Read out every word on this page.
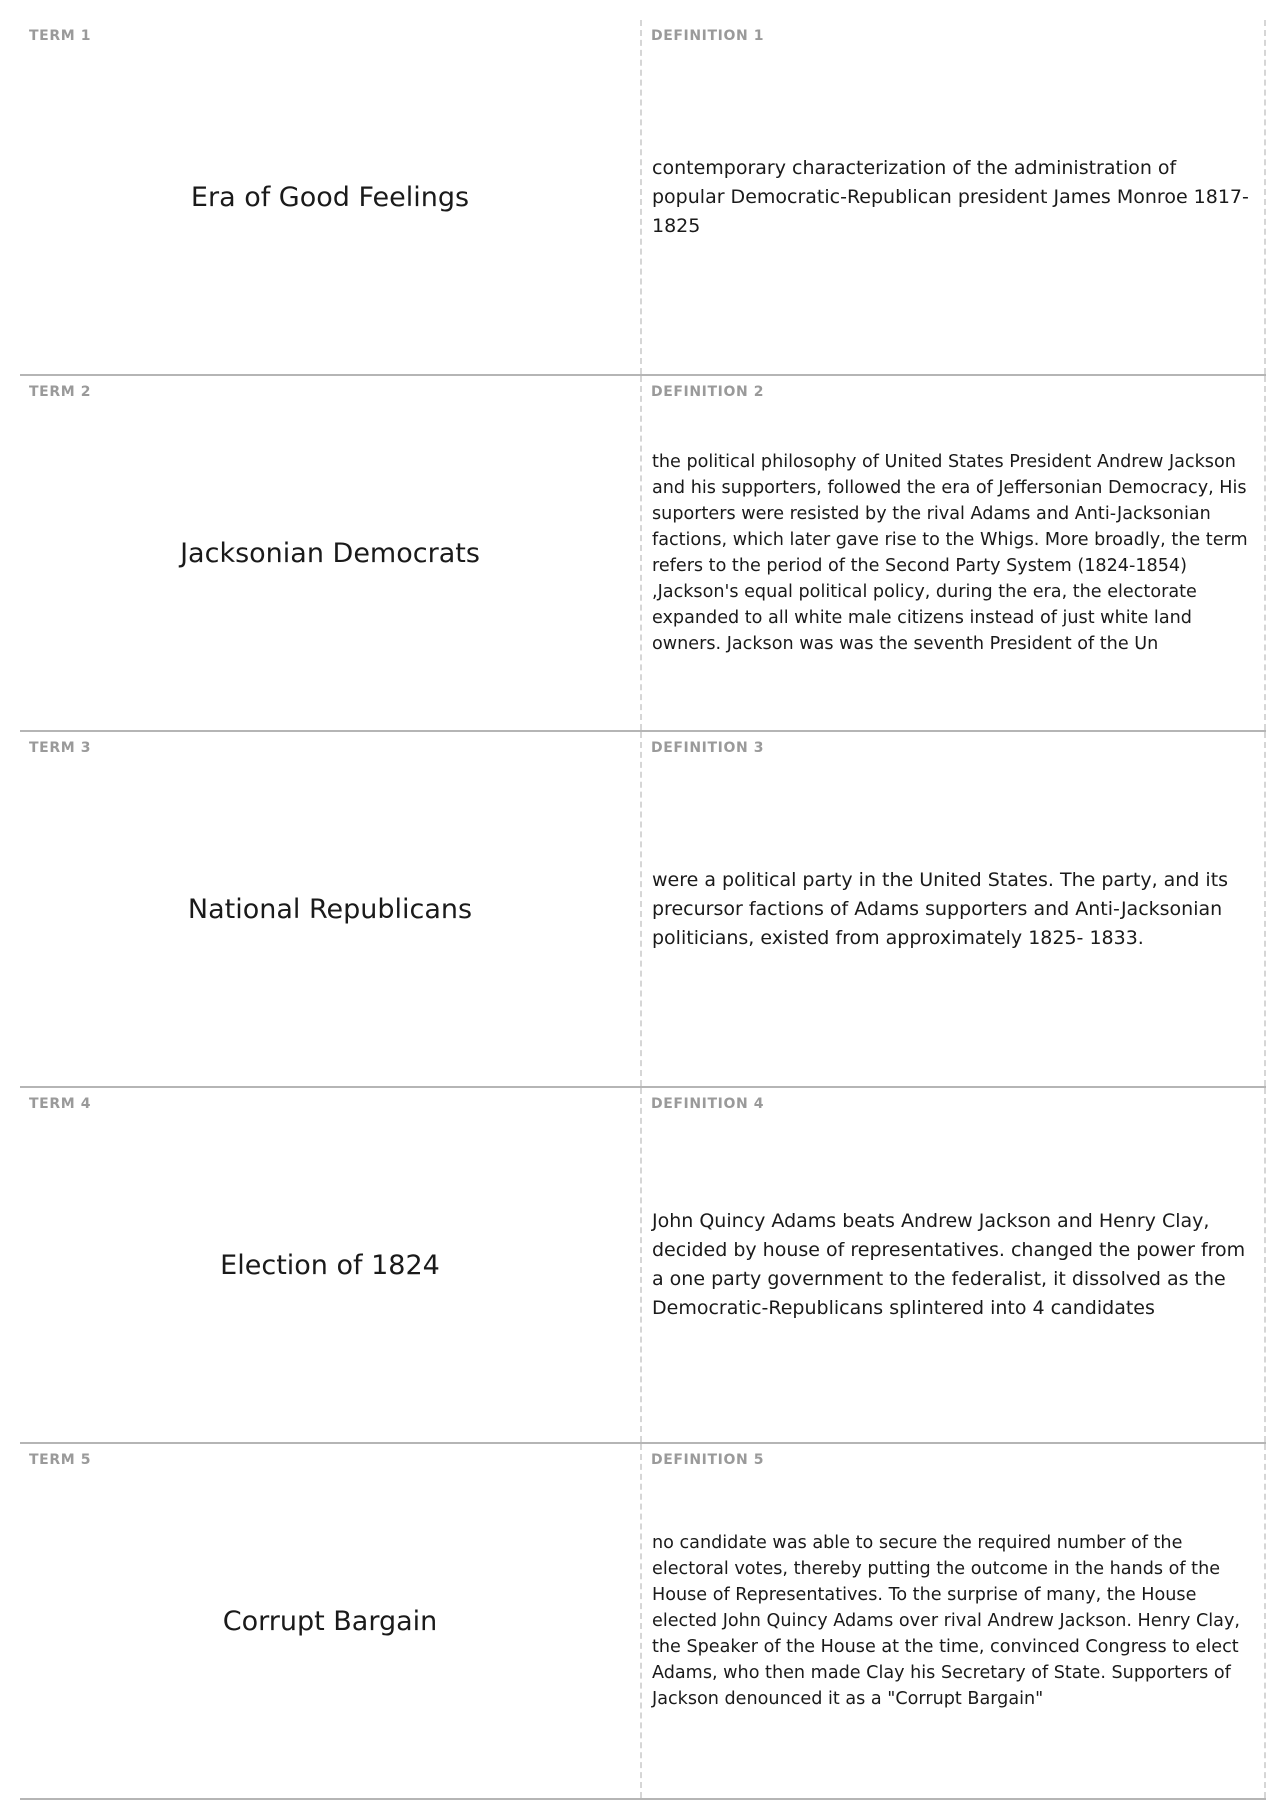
TERM 1
Era of Good Feelings
DEFINITION 1
contemporary characterization of the administration of popular Democratic-Republican president James Monroe 1817-1825
TERM 2
Jacksonian Democrats
DEFINITION 2
the political philosophy of United States President Andrew Jackson and his supporters, followed the era of Jeffersonian Democracy, His suporters were resisted by the rival Adams and Anti-Jacksonian factions, which later gave rise to the Whigs. More broadly, the term refers to the period of the Second Party System (1824-1854) ,Jackson's equal political policy, during the era, the electorate expanded to all white male citizens instead of just white land owners. Jackson was was the seventh President of the Un
TERM 3
National Republicans
DEFINITION 3
were a political party in the United States. The party, and its precursor factions of Adams supporters and Anti-Jacksonian politicians, existed from approximately 1825- 1833.
TERM 4
Election of 1824
DEFINITION 4
John Quincy Adams beats Andrew Jackson and Henry Clay, decided by house of representatives. changed the power from a one party government to the federalist, it dissolved as the Democratic-Republicans splintered into 4 candidates
TERM 5
Corrupt Bargain
DEFINITION 5
no candidate was able to secure the required number of the electoral votes, thereby putting the outcome in the hands of the House of Representatives. To the surprise of many, the House elected John Quincy Adams over rival Andrew Jackson. Henry Clay, the Speaker of the House at the time, convinced Congress to elect Adams, who then made Clay his Secretary of State. Supporters of Jackson denounced it as a "Corrupt Bargain"
